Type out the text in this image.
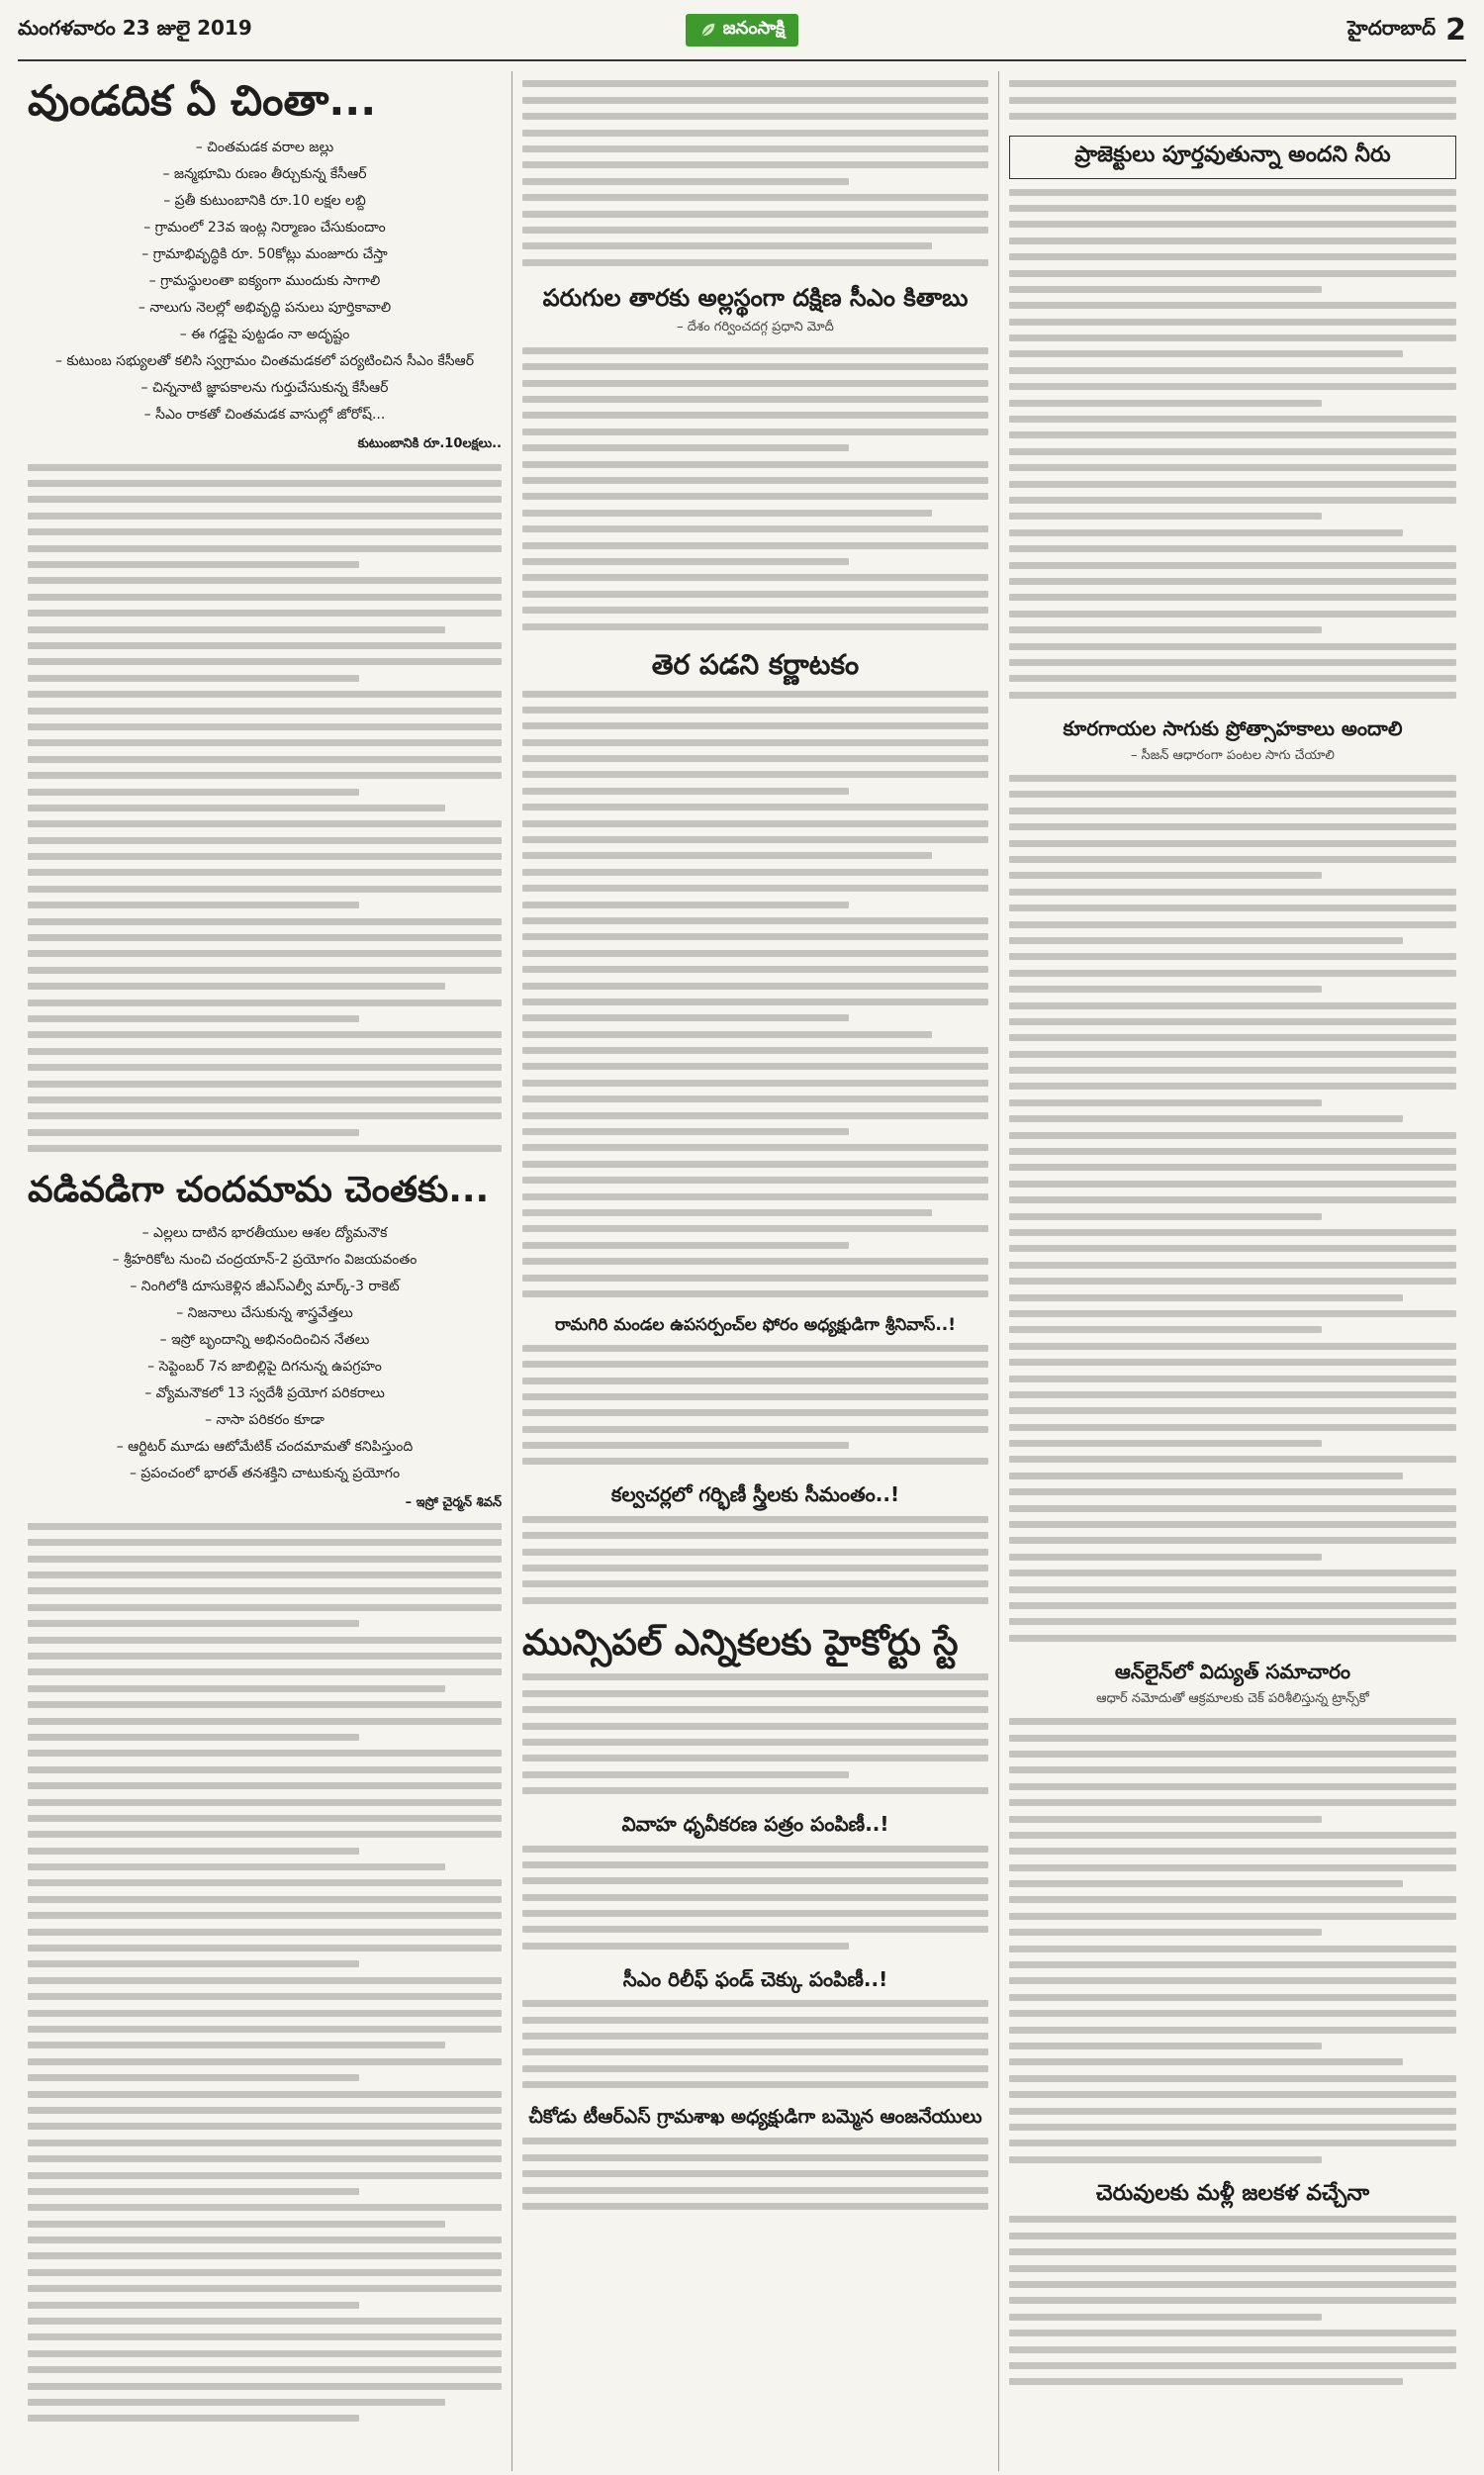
మంగళవారం 23 జులై 2019	జనంసాక్షి	హైదరాబాద్ 2
వుండదిక ఏ చింతా...
– చింతమడక వరాల జల్లు
– జన్మభూమి రుణం తీర్చుకున్న కేసీఆర్
– ప్రతీ కుటుంబానికి రూ.10 లక్షల లబ్ది
– గ్రామంలో 23వ ఇంట్ల నిర్మాణం చేసుకుందాం
– గ్రామాభివృద్ధికి రూ. 50కోట్లు మంజూరు చేస్తా
– గ్రామస్థులంతా ఐక్యంగా ముందుకు సాగాలి
– నాలుగు నెలల్లో అభివృద్ధి పనులు పూర్తికావాలి
– ఈ గడ్డపై పుట్టడం నా అదృష్టం
– కుటుంబ సభ్యులతో కలిసి స్వగ్రామం చింతమడకలో పర్యటించిన సీఎం కేసీఆర్
– చిన్ననాటి జ్ఞాపకాలను గుర్తుచేసుకున్న కేసీఆర్
– సీఎం రాకతో చింతమడక వాసుల్లో జోరోష్...
కుటుంబానికి రూ.10లక్షలు..
వడివడిగా చందమామ చెంతకు...
– ఎల్లలు దాటిన భారతీయుల ఆశల ద్యోమనౌక
– శ్రీహరికోట నుంచి చంద్రయాన్-2 ప్రయోగం విజయవంతం
– నింగిలోకి దూసుకెళ్లిన జీఎస్ఎల్వీ మార్క్-3 రాకెట్
– నిజనాలు చేసుకున్న శాస్త్రవేత్తలు
– ఇస్రో బృందాన్ని అభినందించిన నేతలు
– సెప్టెంబర్ 7న జాబిల్లిపై దిగనున్న ఉపగ్రహం
– వ్యోమనౌకలో 13 స్వదేశీ ప్రయోగ పరికరాలు
– నాసా పరికరం కూడా
– ఆర్టిటర్ మూడు ఆటోమేటిక్ చందమామతో కనిపిస్తుంది
– ప్రపంచంలో భారత్ తనశక్తిని చాటుకున్న ప్రయోగం
– ఇస్రో చైర్మన్ శివన్
పరుగుల తారకు అల్లస్థంగా దక్షిణ సీఎం కితాబు
– దేశం గర్వించదగ్గ ప్రధాని మోదీ
తెర పడని కర్ణాటకం
రామగిరి మండల ఉపసర్పంచ్‌ల ఫోరం అధ్యక్షుడిగా శ్రీనివాస్..!
కల్వచర్లలో గర్భిణీ స్త్రీలకు సీమంతం..!
మున్సిపల్ ఎన్నికలకు హైకోర్టు స్టే
వివాహ ధృవీకరణ పత్రం పంపిణీ..!
సీఎం రిలీఫ్ ఫండ్ చెక్కు పంపిణీ..!
చీకోడు టీఆర్ఎస్ గ్రామశాఖ అధ్యక్షుడిగా బమ్మెన ఆంజనేయులు
ప్రాజెక్టులు పూర్తవుతున్నా అందని నీరు
కూరగాయల సాగుకు ప్రోత్సాహకాలు అందాలి
– సీజన్ ఆధారంగా పంటల సాగు చేయాలి
ఆన్‌లైన్‌లో విద్యుత్ సమాచారం
ఆధార్ నమోదుతో ఆక్రమాలకు చెక్ పరిశీలిస్తున్న ట్రాన్స్‌కో
చెరువులకు మళ్లీ జలకళ వచ్చేనా
